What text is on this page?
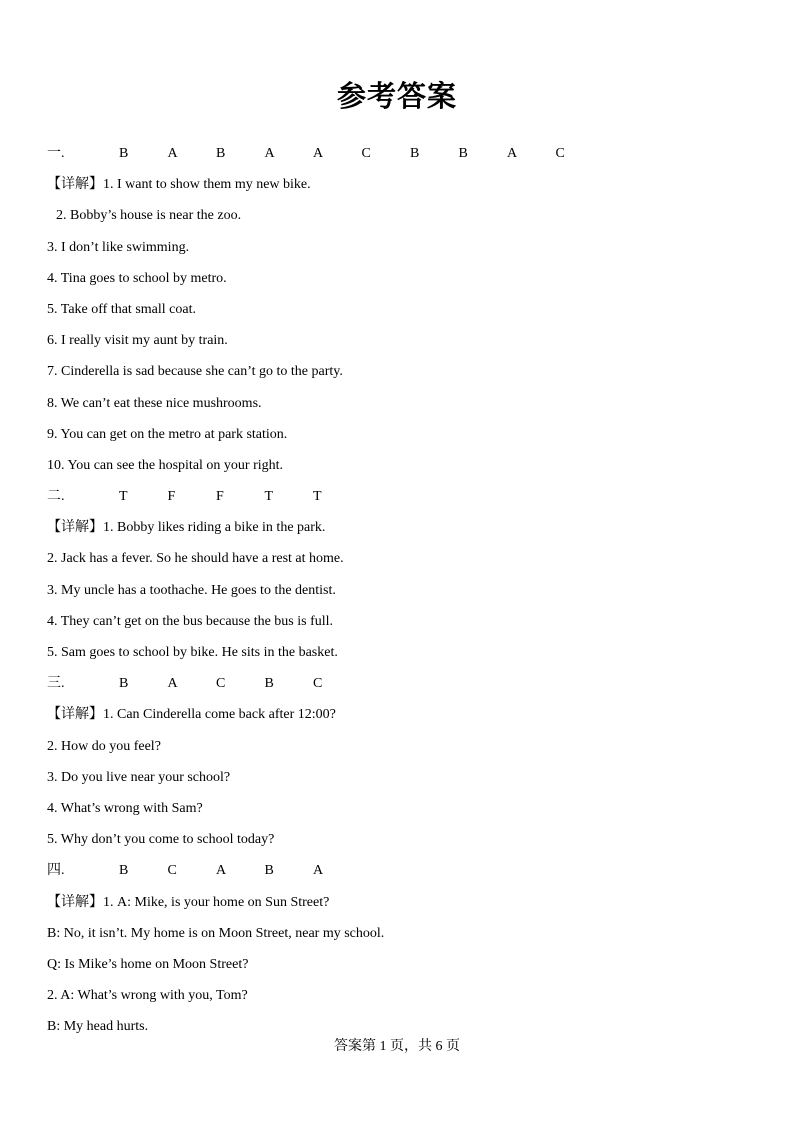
参考答案
一.	B	A	B	A	A	C	B	B	A	C
【详解】1. I want to show them my new bike.
2. Bobby’s house is near the zoo.
3. I don’t like swimming.
4. Tina goes to school by metro.
5. Take off that small coat.
6. I really visit my aunt by train.
7. Cinderella is sad because she can’t go to the party.
8. We can’t eat these nice mushrooms.
9. You can get on the metro at park station.
10. You can see the hospital on your right.
二.	T	F	F	T	T
【详解】1. Bobby likes riding a bike in the park.
2. Jack has a fever. So he should have a rest at home.
3. My uncle has a toothache. He goes to the dentist.
4. They can’t get on the bus because the bus is full.
5. Sam goes to school by bike. He sits in the basket.
三.	B	A	C	B	C
【详解】1. Can Cinderella come back after 12:00?
2. How do you feel?
3. Do you live near your school?
4. What’s wrong with Sam?
5. Why don’t you come to school today?
四.	B	C	A	B	A
【详解】1. A: Mike, is your home on Sun Street?
B: No, it isn’t. My home is on Moon Street, near my school.
Q: Is Mike’s home on Moon Street?
2. A: What’s wrong with you, Tom?
B: My head hurts.
答案第 1 页，共 6 页
